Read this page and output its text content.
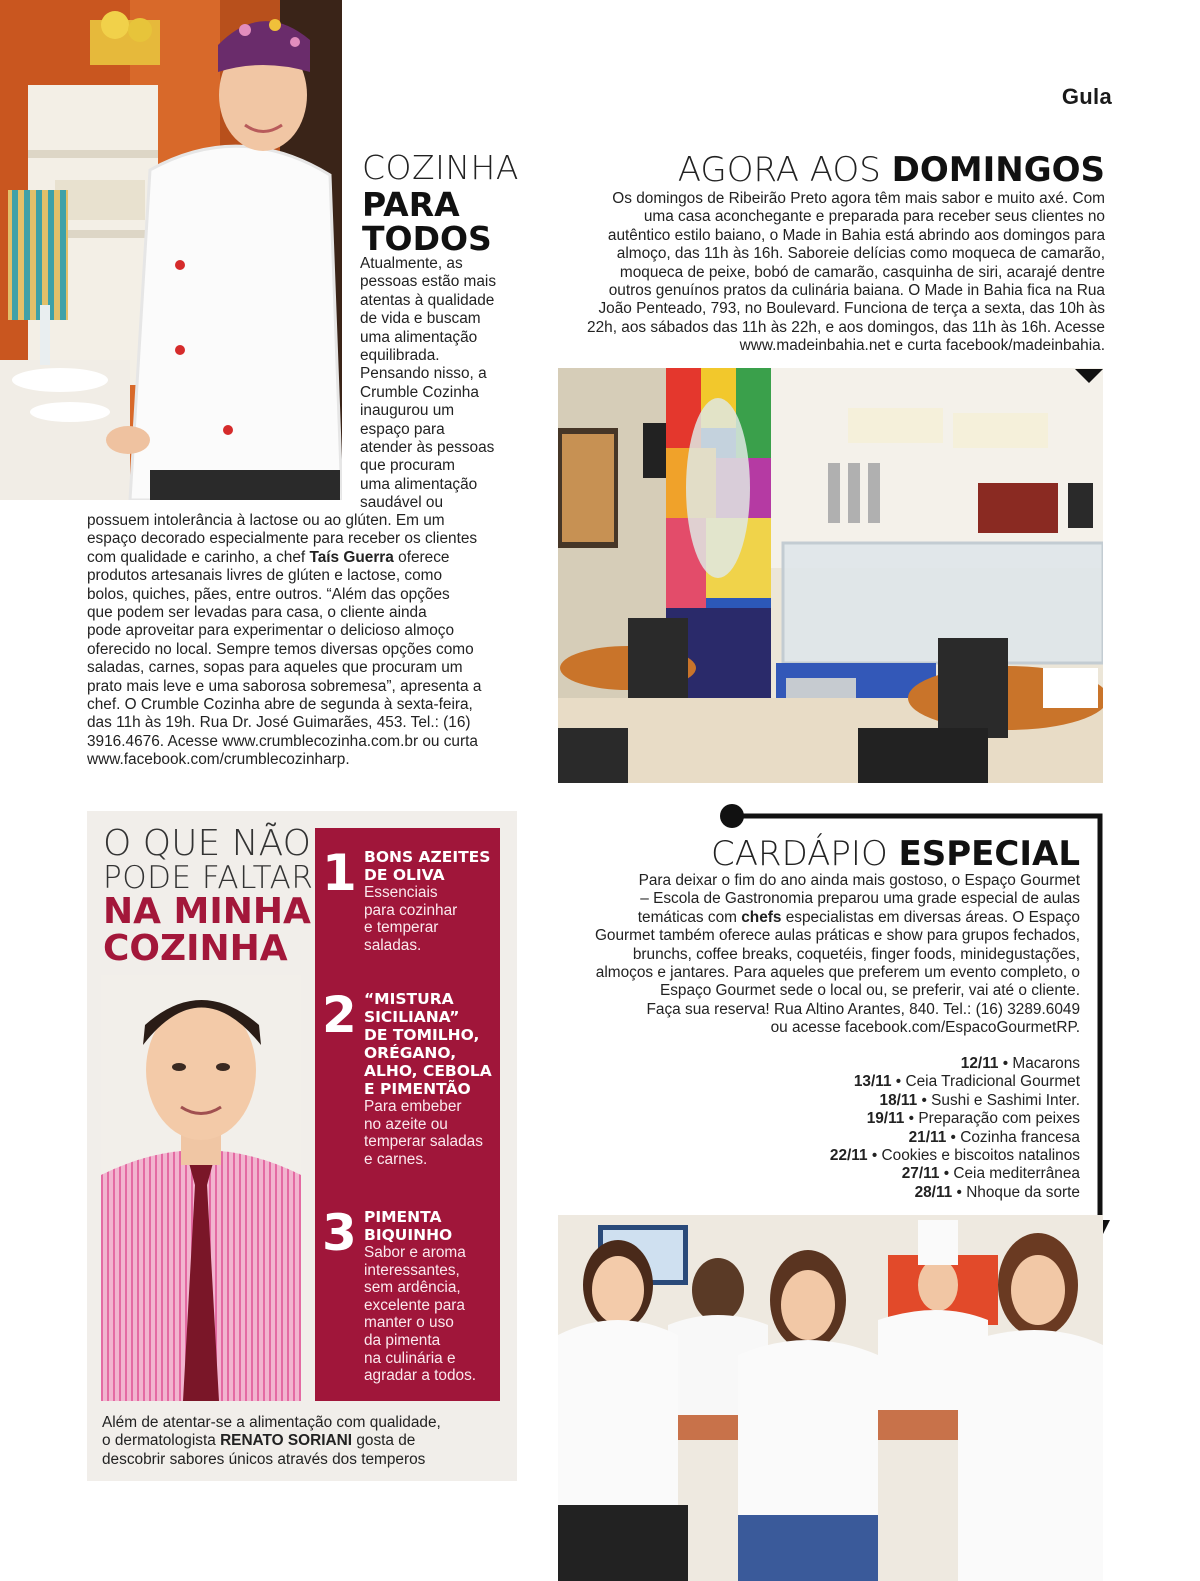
Gula
COZINHA
PARA
TODOS
Atualmente, as
pessoas estão mais
atentas à qualidade
de vida e buscam
uma alimentação
equilibrada.
Pensando nisso, a
Crumble Cozinha
inaugurou um
espaço para
atender às pessoas
que procuram
uma alimentação
saudável ou
possuem intolerância à lactose ou ao glúten. Em um
espaço decorado especialmente para receber os clientes
com qualidade e carinho, a chef Taís Guerra oferece
produtos artesanais livres de glúten e lactose, como
bolos, quiches, pães, entre outros. “Além das opções
que podem ser levadas para casa, o cliente ainda
pode aproveitar para experimentar o delicioso almoço
oferecido no local. Sempre temos diversas opções como
saladas, carnes, sopas para aqueles que procuram um
prato mais leve e uma saborosa sobremesa”, apresenta a
chef. O Crumble Cozinha abre de segunda à sexta-feira,
das 11h às 19h. Rua Dr. José Guimarães, 453. Tel.: (16)
3916.4676. Acesse www.crumblecozinha.com.br ou curta
www.facebook.com/crumblecozinharp.
AGORA AOS DOMINGOS
Os domingos de Ribeirão Preto agora têm mais sabor e muito axé. Com
uma casa aconchegante e preparada para receber seus clientes no
autêntico estilo baiano, o Made in Bahia está abrindo aos domingos para
almoço, das 11h às 16h. Saboreie delícias como moqueca de camarão,
moqueca de peixe, bobó de camarão, casquinha de siri, acarajé dentre
outros genuínos pratos da culinária baiana. O Made in Bahia fica na Rua
João Penteado, 793, no Boulevard. Funciona de terça a sexta, das 10h às
22h, aos sábados das 11h às 22h, e aos domingos, das 11h às 16h. Acesse
www.madeinbahia.net e curta facebook/madeinbahia.
O QUE NÃO
PODE FALTAR
NA MINHA
COZINHA
1 BONS AZEITES
DE OLIVA
Essenciais
para cozinhar
e temperar
saladas.
2 “MISTURA
SICILIANA”
DE TOMILHO,
ORÉGANO,
ALHO, CEBOLA
E PIMENTÃO
Para embeber
no azeite ou
temperar saladas
e carnes.
3 PIMENTA
BIQUINHO
Sabor e aroma
interessantes,
sem ardência,
excelente para
manter o uso
da pimenta
na culinária e
agradar a todos.
Além de atentar-se a alimentação com qualidade,
o dermatologista RENATO SORIANI gosta de
descobrir sabores únicos através dos temperos
CARDÁPIO ESPECIAL
Para deixar o fim do ano ainda mais gostoso, o Espaço Gourmet
– Escola de Gastronomia preparou uma grade especial de aulas
temáticas com chefs especialistas em diversas áreas. O Espaço
Gourmet também oferece aulas práticas e show para grupos fechados,
brunchs, coffee breaks, coquetéis, finger foods, minidegustações,
almoços e jantares. Para aqueles que preferem um evento completo, o
Espaço Gourmet sede o local ou, se preferir, vai até o cliente.
Faça sua reserva! Rua Altino Arantes, 840. Tel.: (16) 3289.6049
ou acesse facebook.com/EspacoGourmetRP.
12/11 • Macarons
13/11 • Ceia Tradicional Gourmet
18/11 • Sushi e Sashimi Inter.
19/11 • Preparação com peixes
21/11 • Cozinha francesa
22/11 • Cookies e biscoitos natalinos
27/11 • Ceia mediterrânea
28/11 • Nhoque da sorte
